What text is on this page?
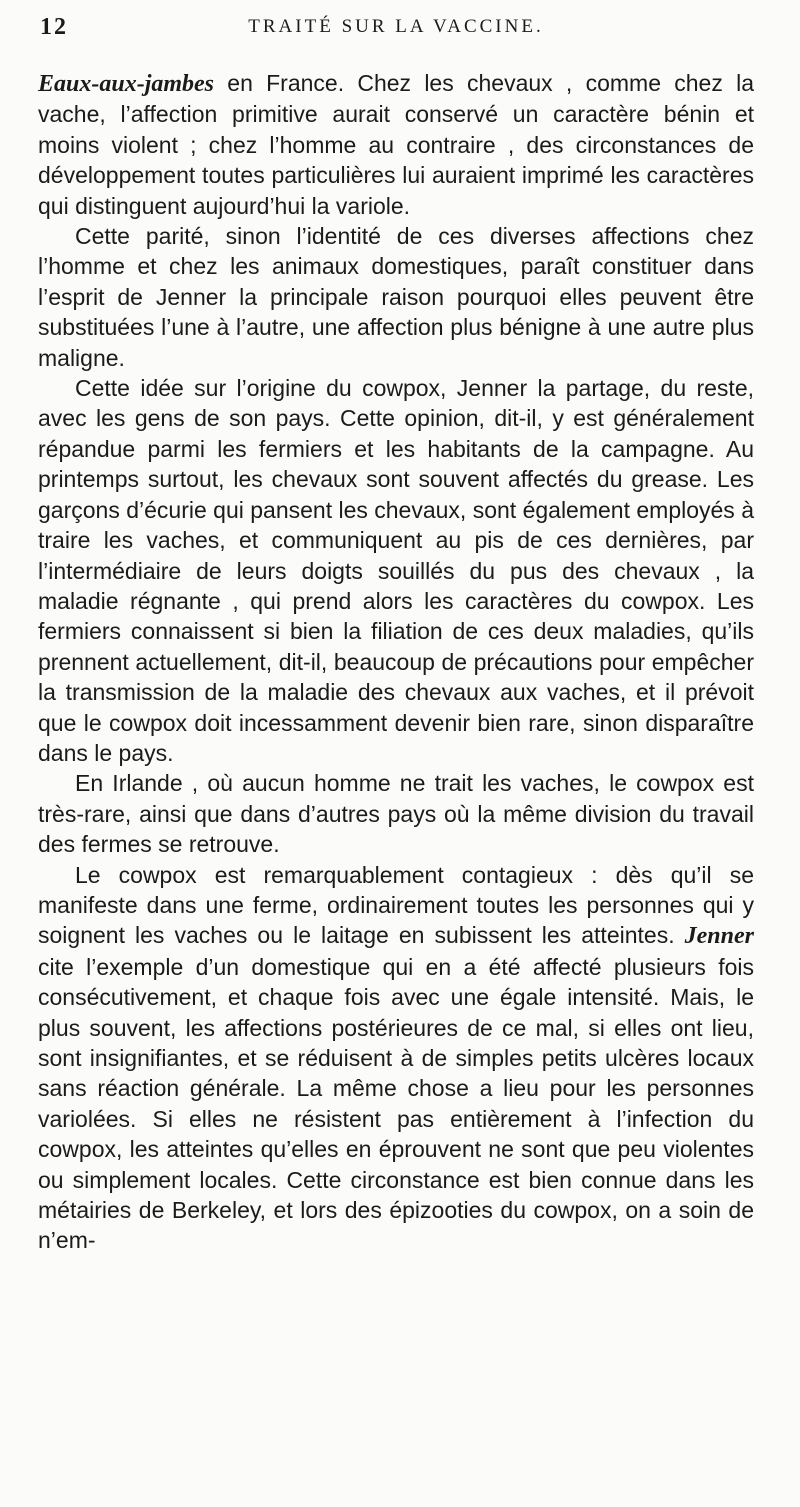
12	TRAITÉ SUR LA VACCINE.

Eaux-aux-jambes en France. Chez les chevaux , comme chez la vache, l’affection primitive aurait conservé un caractère bénin et moins violent ; chez l’homme au contraire , des circonstances de développement toutes particulières lui auraient imprimé les caractères qui distinguent aujourd’hui la variole.

Cette parité, sinon l’identité de ces diverses affections chez l’homme et chez les animaux domestiques, paraît constituer dans l’esprit de Jenner la principale raison pourquoi elles peuvent être substituées l’une à l’autre, une affection plus bénigne à une autre plus maligne.

Cette idée sur l’origine du cowpox, Jenner la partage, du reste, avec les gens de son pays. Cette opinion, dit-il, y est généralement répandue parmi les fermiers et les habitants de la campagne. Au printemps surtout, les chevaux sont souvent affectés du grease. Les garçons d’écurie qui pansent les chevaux, sont également employés à traire les vaches, et communiquent au pis de ces dernières, par l’intermédiaire de leurs doigts souillés du pus des chevaux , la maladie régnante , qui prend alors les caractères du cowpox. Les fermiers connaissent si bien la filiation de ces deux maladies, qu’ils prennent actuellement, dit-il, beaucoup de précautions pour empêcher la transmission de la maladie des chevaux aux vaches, et il prévoit que le cowpox doit incessamment devenir bien rare, sinon disparaître dans le pays.

En Irlande , où aucun homme ne trait les vaches, le cowpox est très-rare, ainsi que dans d’autres pays où la même division du travail des fermes se retrouve.

Le cowpox est remarquablement contagieux : dès qu’il se manifeste dans une ferme, ordinairement toutes les personnes qui y soignent les vaches ou le laitage en subissent les atteintes. Jenner cite l’exemple d’un domestique qui en a été affecté plusieurs fois consécutivement, et chaque fois avec une égale intensité. Mais, le plus souvent, les affections postérieures de ce mal, si elles ont lieu, sont insignifiantes, et se réduisent à de simples petits ulcères locaux sans réaction générale. La même chose a lieu pour les personnes variolées. Si elles ne résistent pas entièrement à l’infection du cowpox, les atteintes qu’elles en éprouvent ne sont que peu violentes ou simplement locales. Cette circonstance est bien connue dans les métairies de Berkeley, et lors des épizooties du cowpox, on a soin de n’em-
